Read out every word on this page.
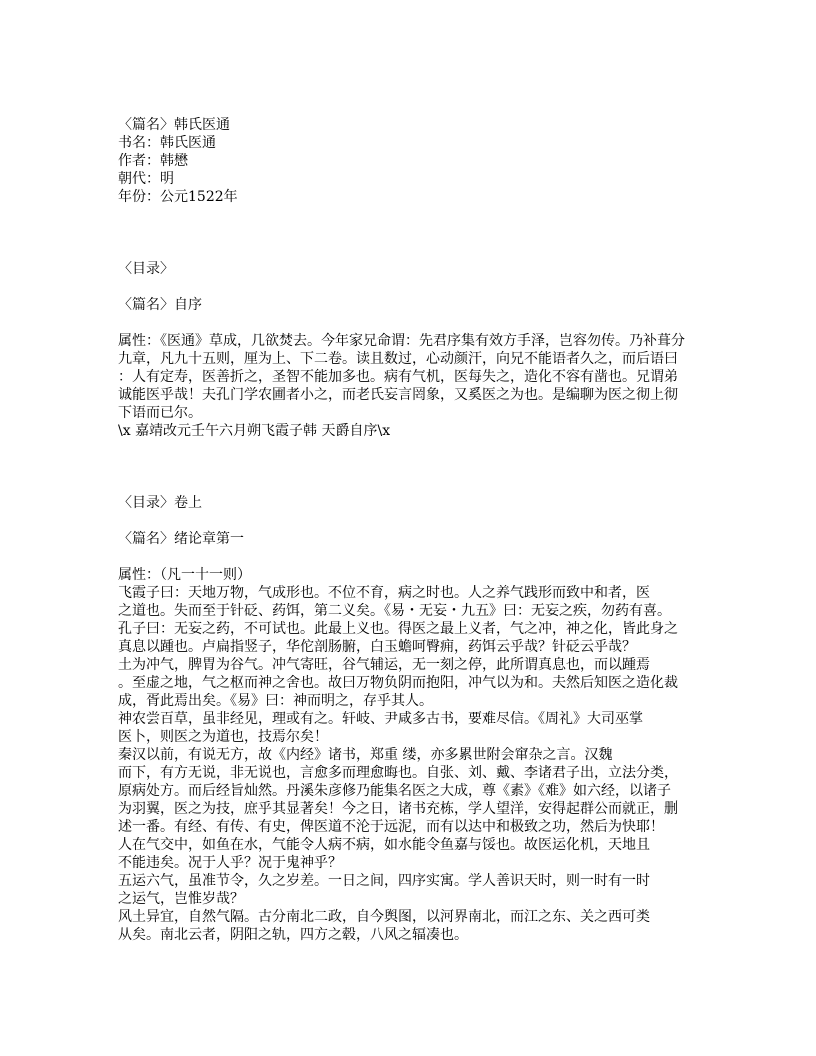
〈篇名〉韩氏医通
书名：韩氏医通
作者：韩懋
朝代：明
年份：公元1522年
〈目录〉
〈篇名〉自序
属性：《医通》草成，几欲焚去。今年家兄命谓：先君序集有效方手泽，岂容勿传。乃补葺分
九章，凡九十五则，厘为上、下二卷。读且数过，心动颜汗，向兄不能语者久之，而后语曰
：人有定寿，医善折之，圣智不能加多也。病有气机，医每失之，造化不容有凿也。兄谓弟
诚能医乎哉！夫孔门学农圃者小之，而老氏妄言罔象，又奚医之为也。是编聊为医之彻上彻
下语而已尔。
\x 嘉靖改元壬午六月朔飞霞子韩 天爵自序\x
〈目录〉卷上
〈篇名〉绪论章第一
属性：（凡一十一则）
飞霞子曰：天地万物，气成形也。不位不育，病之时也。人之养气践形而致中和者，医
之道也。失而至于针砭、药饵，第二义矣。《易・无妄・九五》曰：无妄之疾，勿药有喜。
孔子曰：无妄之药，不可试也。此最上义也。得医之最上义者，气之冲，神之化，皆此身之
真息以踵也。卢扁指竖子，华佗剖肠腑，白玉蟾呵臀痈，药饵云乎哉？针砭云乎哉？
土为冲气，脾胃为谷气。冲气寄旺，谷气辅运，无一刻之停，此所谓真息也，而以踵焉
。至虚之地，气之枢而神之舍也。故曰万物负阴而抱阳，冲气以为和。夫然后知医之造化裁
成，胥此焉出矣。《易》曰：神而明之，存乎其人。
神农尝百草，虽非经见，理或有之。轩岐、尹咸多古书，要难尽信。《周礼》大司巫掌
医卜，则医之为道也，技焉尔矣！
秦汉以前，有说无方，故《内经》诸书，郑重 缕，亦多累世附会窜杂之言。汉魏
而下，有方无说，非无说也，言愈多而理愈晦也。自张、刘、戴、李诸君子出，立法分类，
原病处方。而后经旨灿然。丹溪朱彦修乃能集名医之大成，尊《素》《难》如六经，以诸子
为羽翼，医之为技，庶乎其显著矣！今之日，诸书充栋，学人望洋，安得起群公而就正，删
述一番。有经、有传、有史，俾医道不沦于远泥，而有以达中和极致之功，然后为快耶！
人在气交中，如鱼在水，气能令人病不病，如水能令鱼嘉与馁也。故医运化机，天地且
不能违矣。况于人乎？况于鬼神乎？
五运六气，虽准节令，久之岁差。一日之间，四序实寓。学人善识天时，则一时有一时
之运气，岂惟岁哉？
风土异宜，自然气隔。古分南北二政，自今舆图，以河界南北，而江之东、关之西可类
从矣。南北云者，阴阳之轨，四方之毂，八风之辐凑也。
